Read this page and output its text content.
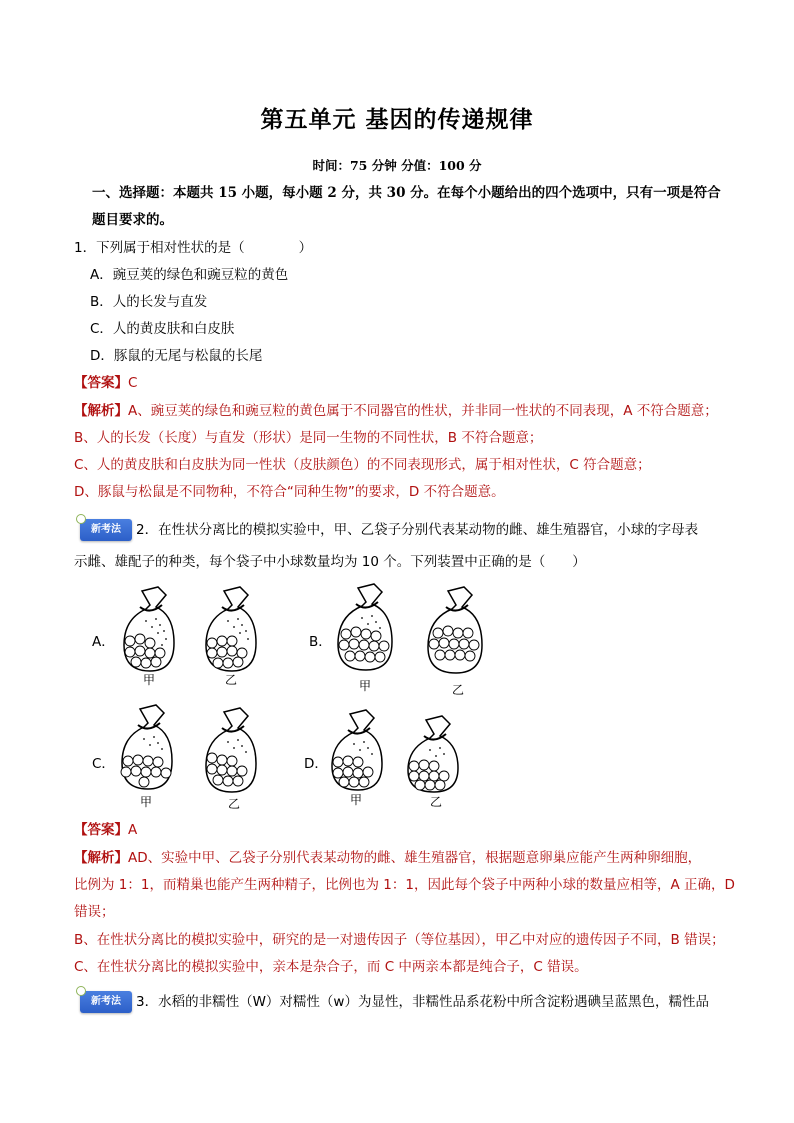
第五单元 基因的传递规律
时间：75 分钟 分值：100 分
一、选择题：本题共 15 小题，每小题 2 分，共 30 分。在每个小题给出的四个选项中，只有一项是符合
题目要求的。
1．下列属于相对性状的是（　　　　）
A．豌豆荚的绿色和豌豆粒的黄色
B．人的长发与直发
C．人的黄皮肤和白皮肤
D．豚鼠的无尾与松鼠的长尾
【答案】C
【解析】A、豌豆荚的绿色和豌豆粒的黄色属于不同器官的性状，并非同一性状的不同表现，A 不符合题意；
B、人的长发（长度）与直发（形状）是同一生物的不同性状，B 不符合题意；
C、人的黄皮肤和白皮肤为同一性状（皮肤颜色）的不同表现形式，属于相对性状，C 符合题意；
D、豚鼠与松鼠是不同物种，不符合“同种生物”的要求，D 不符合题意。
新考法	2．在性状分离比的模拟实验中，甲、乙袋子分别代表某动物的雌、雄生殖器官，小球的字母表
示雌、雄配子的种类，每个袋子中小球数量均为 10 个。下列装置中正确的是（　　）
A．
甲	乙
B．
甲	乙
C．
甲	乙
D．
甲	乙
【答案】A
【解析】AD、实验中甲、乙袋子分别代表某动物的雌、雄生殖器官，根据题意卵巢应能产生两种卵细胞，
比例为 1：1，而精巢也能产生两种精子，比例也为 1：1，因此每个袋子中两种小球的数量应相等，A 正确，D
错误；
B、在性状分离比的模拟实验中，研究的是一对遗传因子（等位基因），甲乙中对应的遗传因子不同，B 错误；
C、在性状分离比的模拟实验中，亲本是杂合子，而 C 中两亲本都是纯合子，C 错误。
新考法	3．水稻的非糯性（W）对糯性（w）为显性，非糯性品系花粉中所含淀粉遇碘呈蓝黑色，糯性品
